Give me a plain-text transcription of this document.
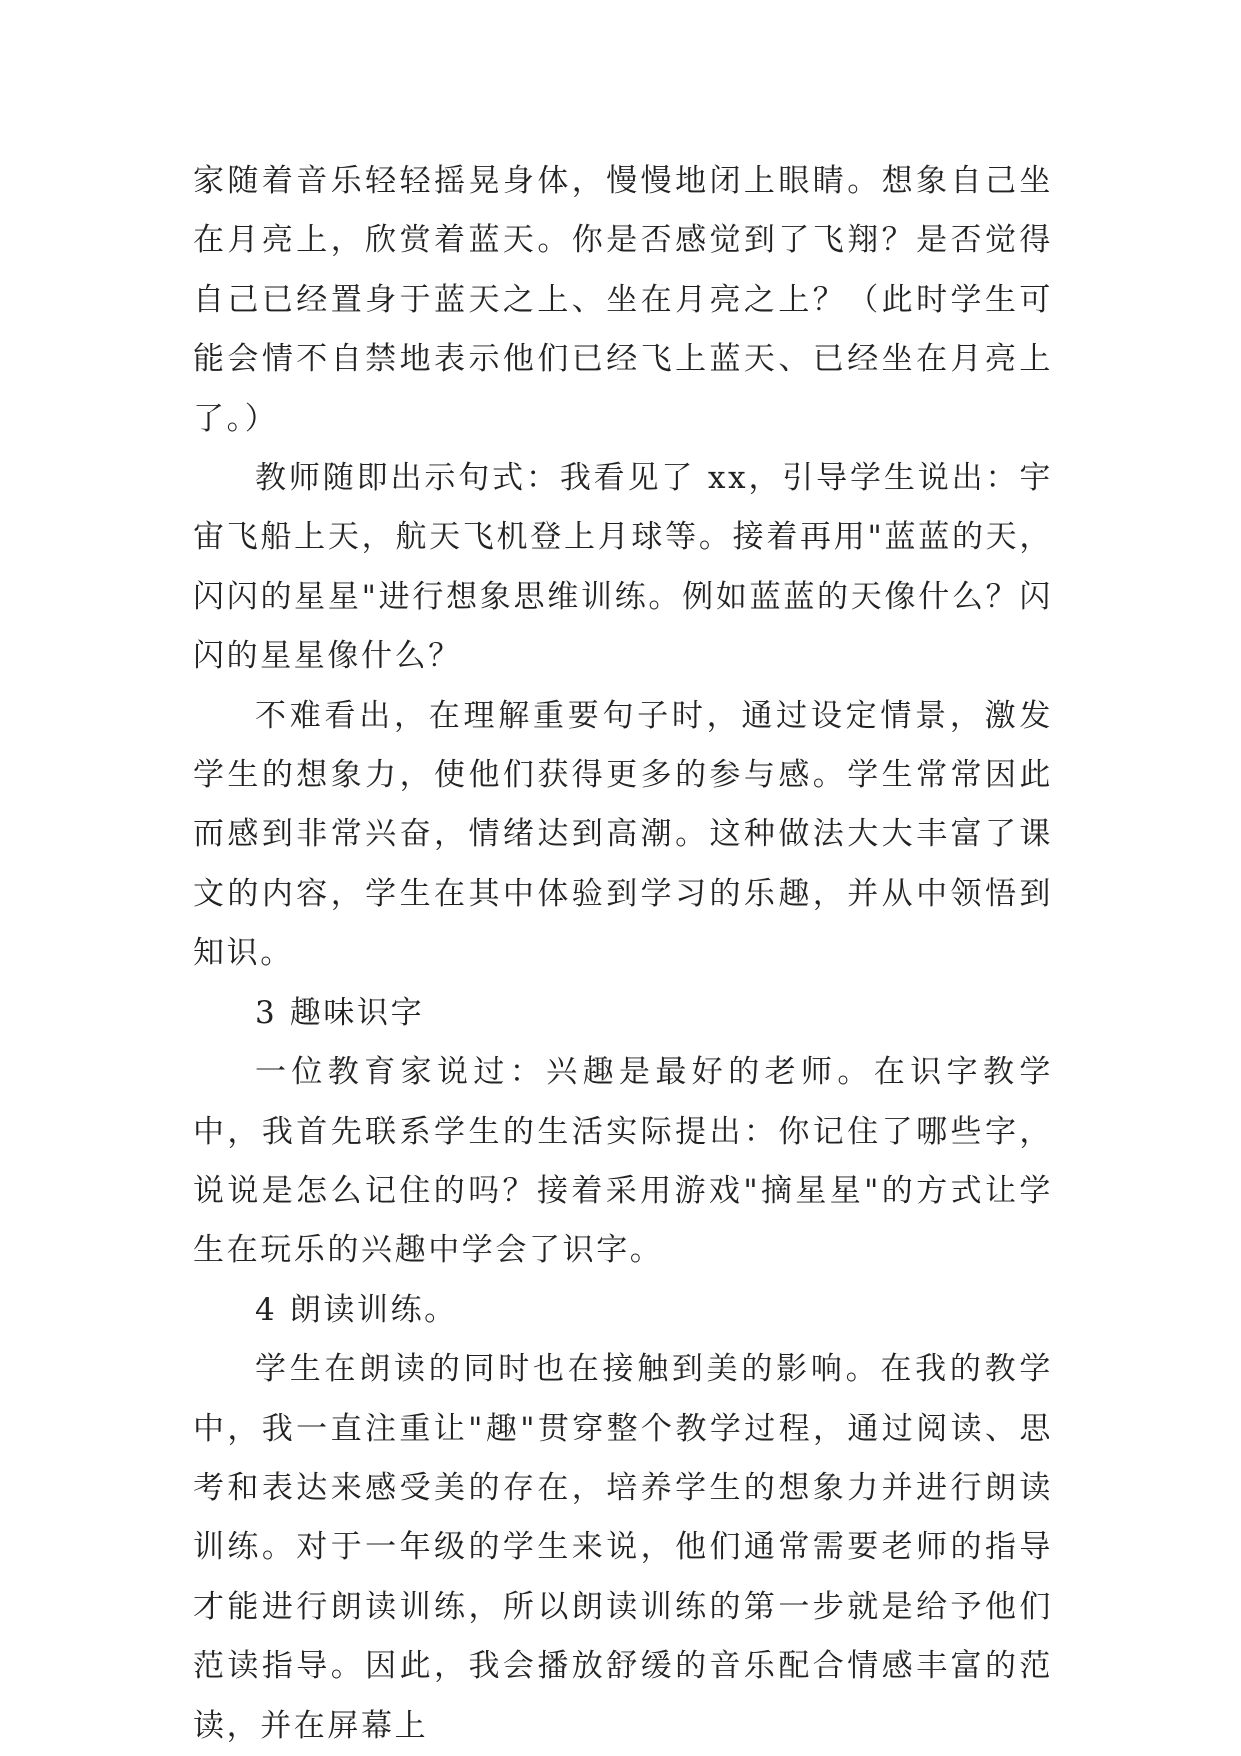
家随着音乐轻轻摇晃身体，慢慢地闭上眼睛。想象自己坐在月亮上，欣赏着蓝天。你是否感觉到了飞翔？是否觉得自己已经置身于蓝天之上、坐在月亮之上？（此时学生可能会情不自禁地表示他们已经飞上蓝天、已经坐在月亮上了。）

教师随即出示句式：我看见了 xx，引导学生说出：宇宙飞船上天，航天飞机登上月球等。接着再用"蓝蓝的天，闪闪的星星"进行想象思维训练。例如蓝蓝的天像什么？闪闪的星星像什么？

不难看出，在理解重要句子时，通过设定情景，激发学生的想象力，使他们获得更多的参与感。学生常常因此而感到非常兴奋，情绪达到高潮。这种做法大大丰富了课文的内容，学生在其中体验到学习的乐趣，并从中领悟到知识。

3 趣味识字

一位教育家说过：兴趣是最好的老师。在识字教学中，我首先联系学生的生活实际提出：你记住了哪些字，说说是怎么记住的吗？接着采用游戏"摘星星"的方式让学生在玩乐的兴趣中学会了识字。

4 朗读训练。

学生在朗读的同时也在接触到美的影响。在我的教学中，我一直注重让"趣"贯穿整个教学过程，通过阅读、思考和表达来感受美的存在，培养学生的想象力并进行朗读训练。对于一年级的学生来说，他们通常需要老师的指导才能进行朗读训练，所以朗读训练的第一步就是给予他们范读指导。因此，我会播放舒缓的音乐配合情感丰富的范读，并在屏幕上
